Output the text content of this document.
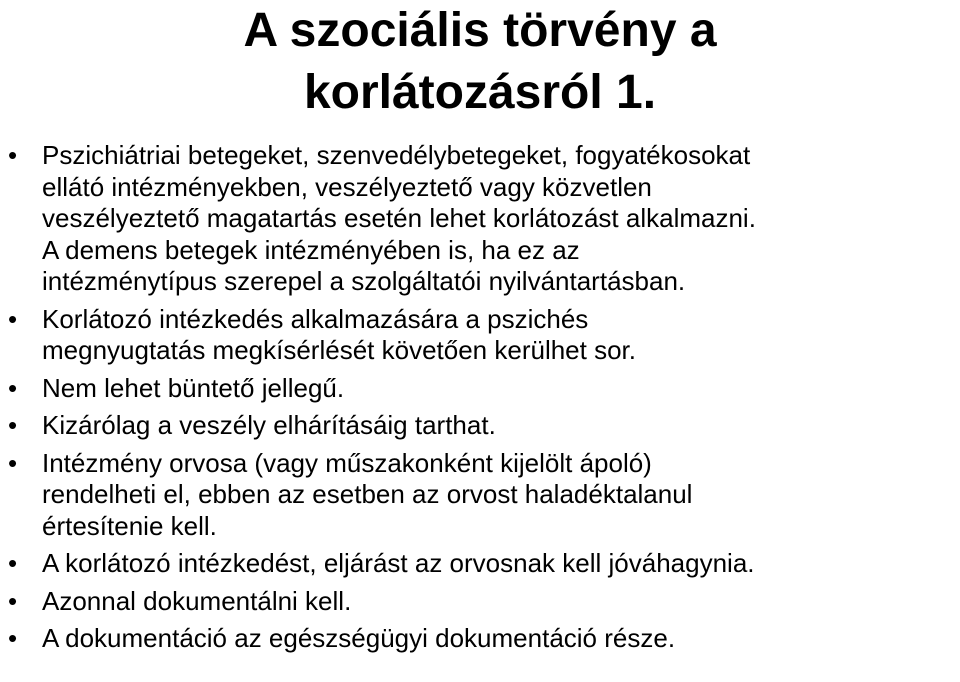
A szociális törvény a
korlátozásról 1.
• Pszichiátriai betegeket, szenvedélybetegeket, fogyatékosokat
ellátó intézményekben, veszélyeztető vagy közvetlen
veszélyeztető magatartás esetén lehet korlátozást alkalmazni.
A demens betegek intézményében is, ha ez az
intézménytípus szerepel a szolgáltatói nyilvántartásban.
• Korlátozó intézkedés alkalmazására a pszichés
megnyugtatás megkísérlését követően kerülhet sor.
• Nem lehet büntető jellegű.
• Kizárólag a veszély elhárításáig tarthat.
• Intézmény orvosa (vagy műszakonként kijelölt ápoló)
rendelheti el, ebben az esetben az orvost haladéktalanul
értesítenie kell.
• A korlátozó intézkedést, eljárást az orvosnak kell jóváhagynia.
• Azonnal dokumentálni kell.
• A dokumentáció az egészségügyi dokumentáció része.
